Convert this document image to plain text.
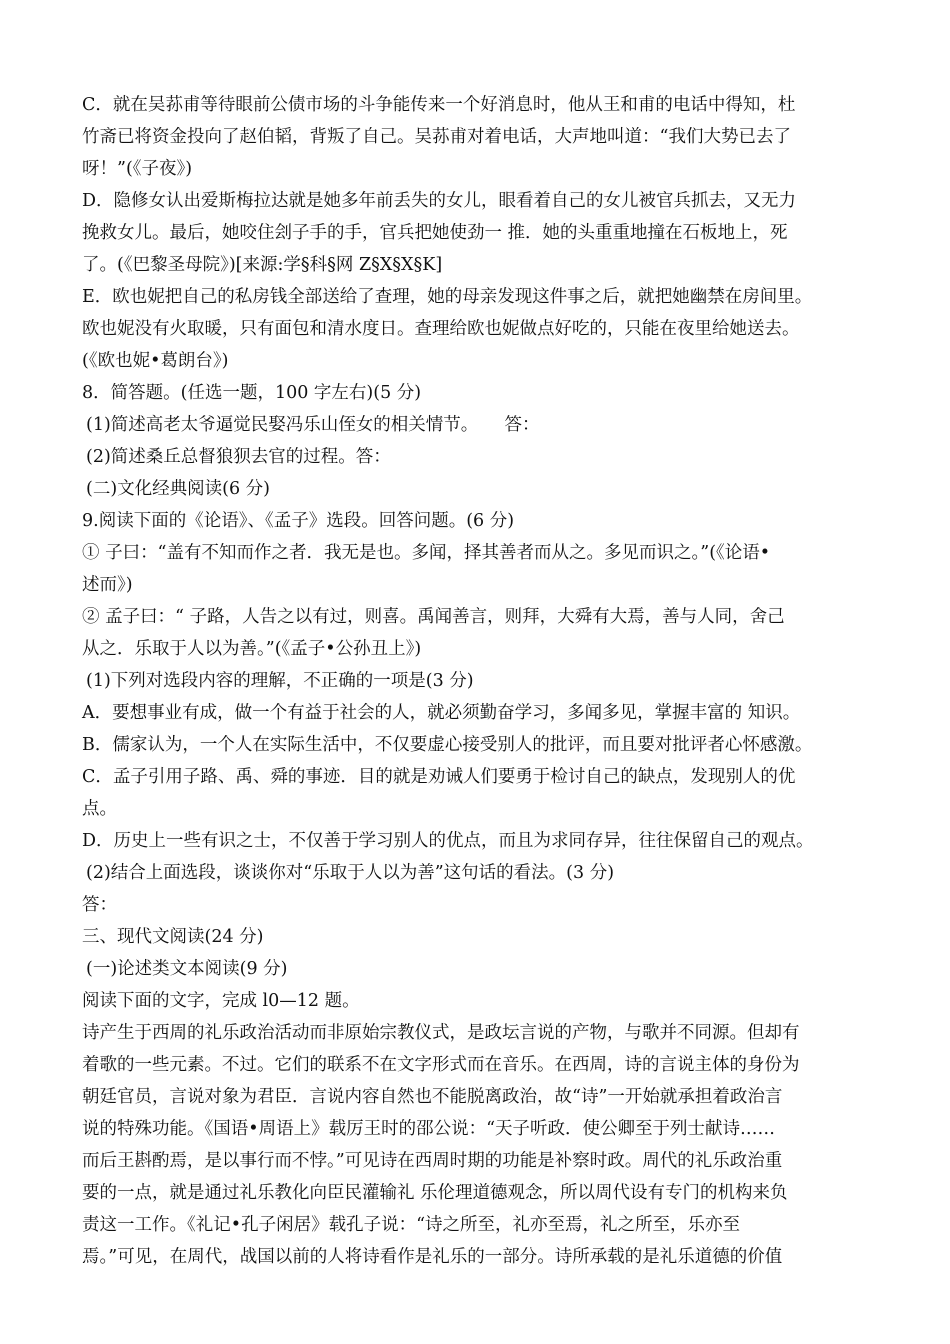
C．就在吴荪甫等待眼前公债市场的斗争能传来一个好消息时，他从王和甫的电话中得知，杜
竹斋已将资金投向了赵伯韬，背叛了自己。吴荪甫对着电话，大声地叫道：“我们大势已去了
呀！”(《子夜》)
D．隐修女认出爱斯梅拉达就是她多年前丢失的女儿，眼看着自己的女儿被官兵抓去，又无力
挽救女儿。最后，她咬住刽子手的手，官兵把她使劲一 推．她的头重重地撞在石板地上，死
了。(《巴黎圣母院》)[来源:学§科§网 Z§X§X§K]
E．欧也妮把自己的私房钱全部送给了查理，她的母亲发现这件事之后，就把她幽禁在房间里。
欧也妮没有火取暖，只有面包和清水度日。查理给欧也妮做点好吃的，只能在夜里给她送去。
(《欧也妮•葛朗台》)
8．简答题。(任选一题，100 字左右)(5 分)
(1)简述高老太爷逼觉民娶冯乐山侄女的相关情节。　　答：
(2)简述桑丘总督狼狈去官的过程。答：
(二)文化经典阅读(6 分)
9.阅读下面的《论语》、《孟子》选段。回答问题。(6 分)
① 子曰：“盖有不知而作之者．我无是也。多闻，择其善者而从之。多见而识之。”(《论语•
述而》)
② 孟子曰：“ 子路，人告之以有过，则喜。禹闻善言，则拜，大舜有大焉，善与人同，舍己
从之．乐取于人以为善。”(《孟子•公孙丑上》)
(1)下列对选段内容的理解，不正确的一项是(3 分)
A．要想事业有成，做一个有益于社会的人，就必须勤奋学习，多闻多见，掌握丰富的 知识。
B．儒家认为，一个人在实际生活中，不仅要虚心接受别人的批评，而且要对批评者心怀感激。
C．孟子引用子路、禹、舜的事迹．目的就是劝诫人们要勇于检讨自己的缺点，发现别人的优
点。
D．历史上一些有识之士，不仅善于学习别人的优点，而且为求同存异，往往保留自己的观点。
(2)结合上面选段，谈谈你对“乐取于人以为善”这句话的看法。(3 分)
答：
三、现代文阅读(24 分)
(一)论述类文本阅读(9 分)
阅读下面的文字，完成 l0—12 题。
诗产生于西周的礼乐政治活动而非原始宗教仪式，是政坛言说的产物，与歌并不同源。但却有
着歌的一些元素。不过。它们的联系不在文字形式而在音乐。在西周，诗的言说主体的身份为
朝廷官员，言说对象为君臣．言说内容自然也不能脱离政治，故“诗”一开始就承担着政治言
说的特殊功能。《国语•周语上》载厉王时的邵公说：“天子听政．使公卿至于列士献诗……
而后王斟酌焉，是以事行而不悖。”可见诗在西周时期的功能是补察时政。周代的礼乐政治重
要的一点，就是通过礼乐教化向臣民灌输礼 乐伦理道德观念，所以周代设有专门的机构来负
责这一工作。《礼记•孔子闲居》载孔子说：“诗之所至，礼亦至焉，礼之所至，乐亦至
焉。”可见，在周代，战国以前的人将诗看作是礼乐的一部分。诗所承载的是礼乐道德的价值
